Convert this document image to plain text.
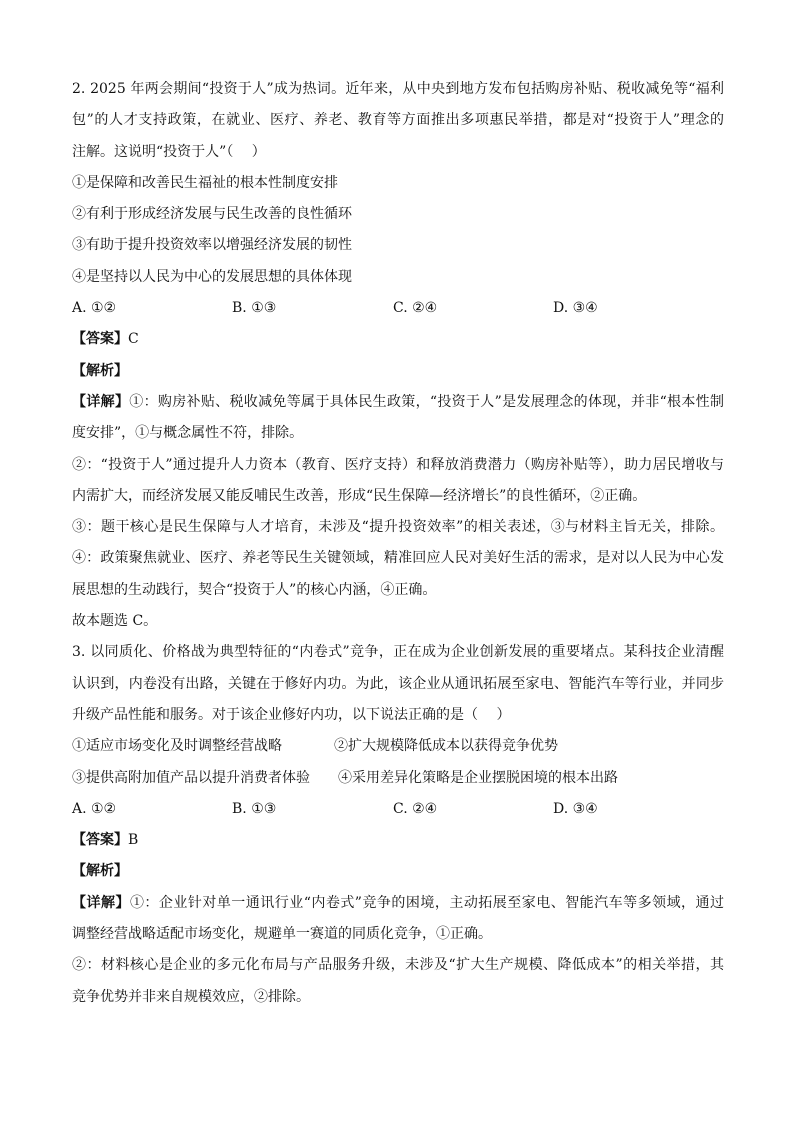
2. 2025 年两会期间“投资于人”成为热词。近年来，从中央到地方发布包括购房补贴、税收减免等“福利
包”的人才支持政策，在就业、医疗、养老、教育等方面推出多项惠民举措，都是对“投资于人”理念的
注解。这说明“投资于人”（　 ）
①是保障和改善民生福祉的根本性制度安排
②有利于形成经济发展与民生改善的良性循环
③有助于提升投资效率以增强经济发展的韧性
④是坚持以人民为中心的发展思想的具体体现
A. ①②	B. ①③	C. ②④	D. ③④
【答案】C
【解析】
【详解】①：购房补贴、税收减免等属于具体民生政策，“投资于人”是发展理念的体现，并非“根本性制
度安排”，①与概念属性不符，排除。
②：“投资于人”通过提升人力资本（教育、医疗支持）和释放消费潜力（购房补贴等），助力居民增收与
内需扩大，而经济发展又能反哺民生改善，形成“民生保障—经济增长”的良性循环，②正确。
③：题干核心是民生保障与人才培育，未涉及“提升投资效率”的相关表述，③与材料主旨无关，排除。
④：政策聚焦就业、医疗、养老等民生关键领域，精准回应人民对美好生活的需求，是对以人民为中心发
展思想的生动践行，契合“投资于人”的核心内涵，④正确。
故本题选 C。
3. 以同质化、价格战为典型特征的“内卷式”竞争，正在成为企业创新发展的重要堵点。某科技企业清醒
认识到，内卷没有出路，关键在于修好内功。为此，该企业从通讯拓展至家电、智能汽车等行业，并同步
升级产品性能和服务。对于该企业修好内功，以下说法正确的是（　 ）
①适应市场变化及时调整经营战略	②扩大规模降低成本以获得竞争优势
③提供高附加值产品以提升消费者体验	④采用差异化策略是企业摆脱困境的根本出路
A. ①②	B. ①③	C. ②④	D. ③④
【答案】B
【解析】
【详解】①：企业针对单一通讯行业“内卷式”竞争的困境，主动拓展至家电、智能汽车等多领域，通过
调整经营战略适配市场变化，规避单一赛道的同质化竞争，①正确。
②：材料核心是企业的多元化布局与产品服务升级，未涉及“扩大生产规模、降低成本”的相关举措，其
竞争优势并非来自规模效应，②排除。
